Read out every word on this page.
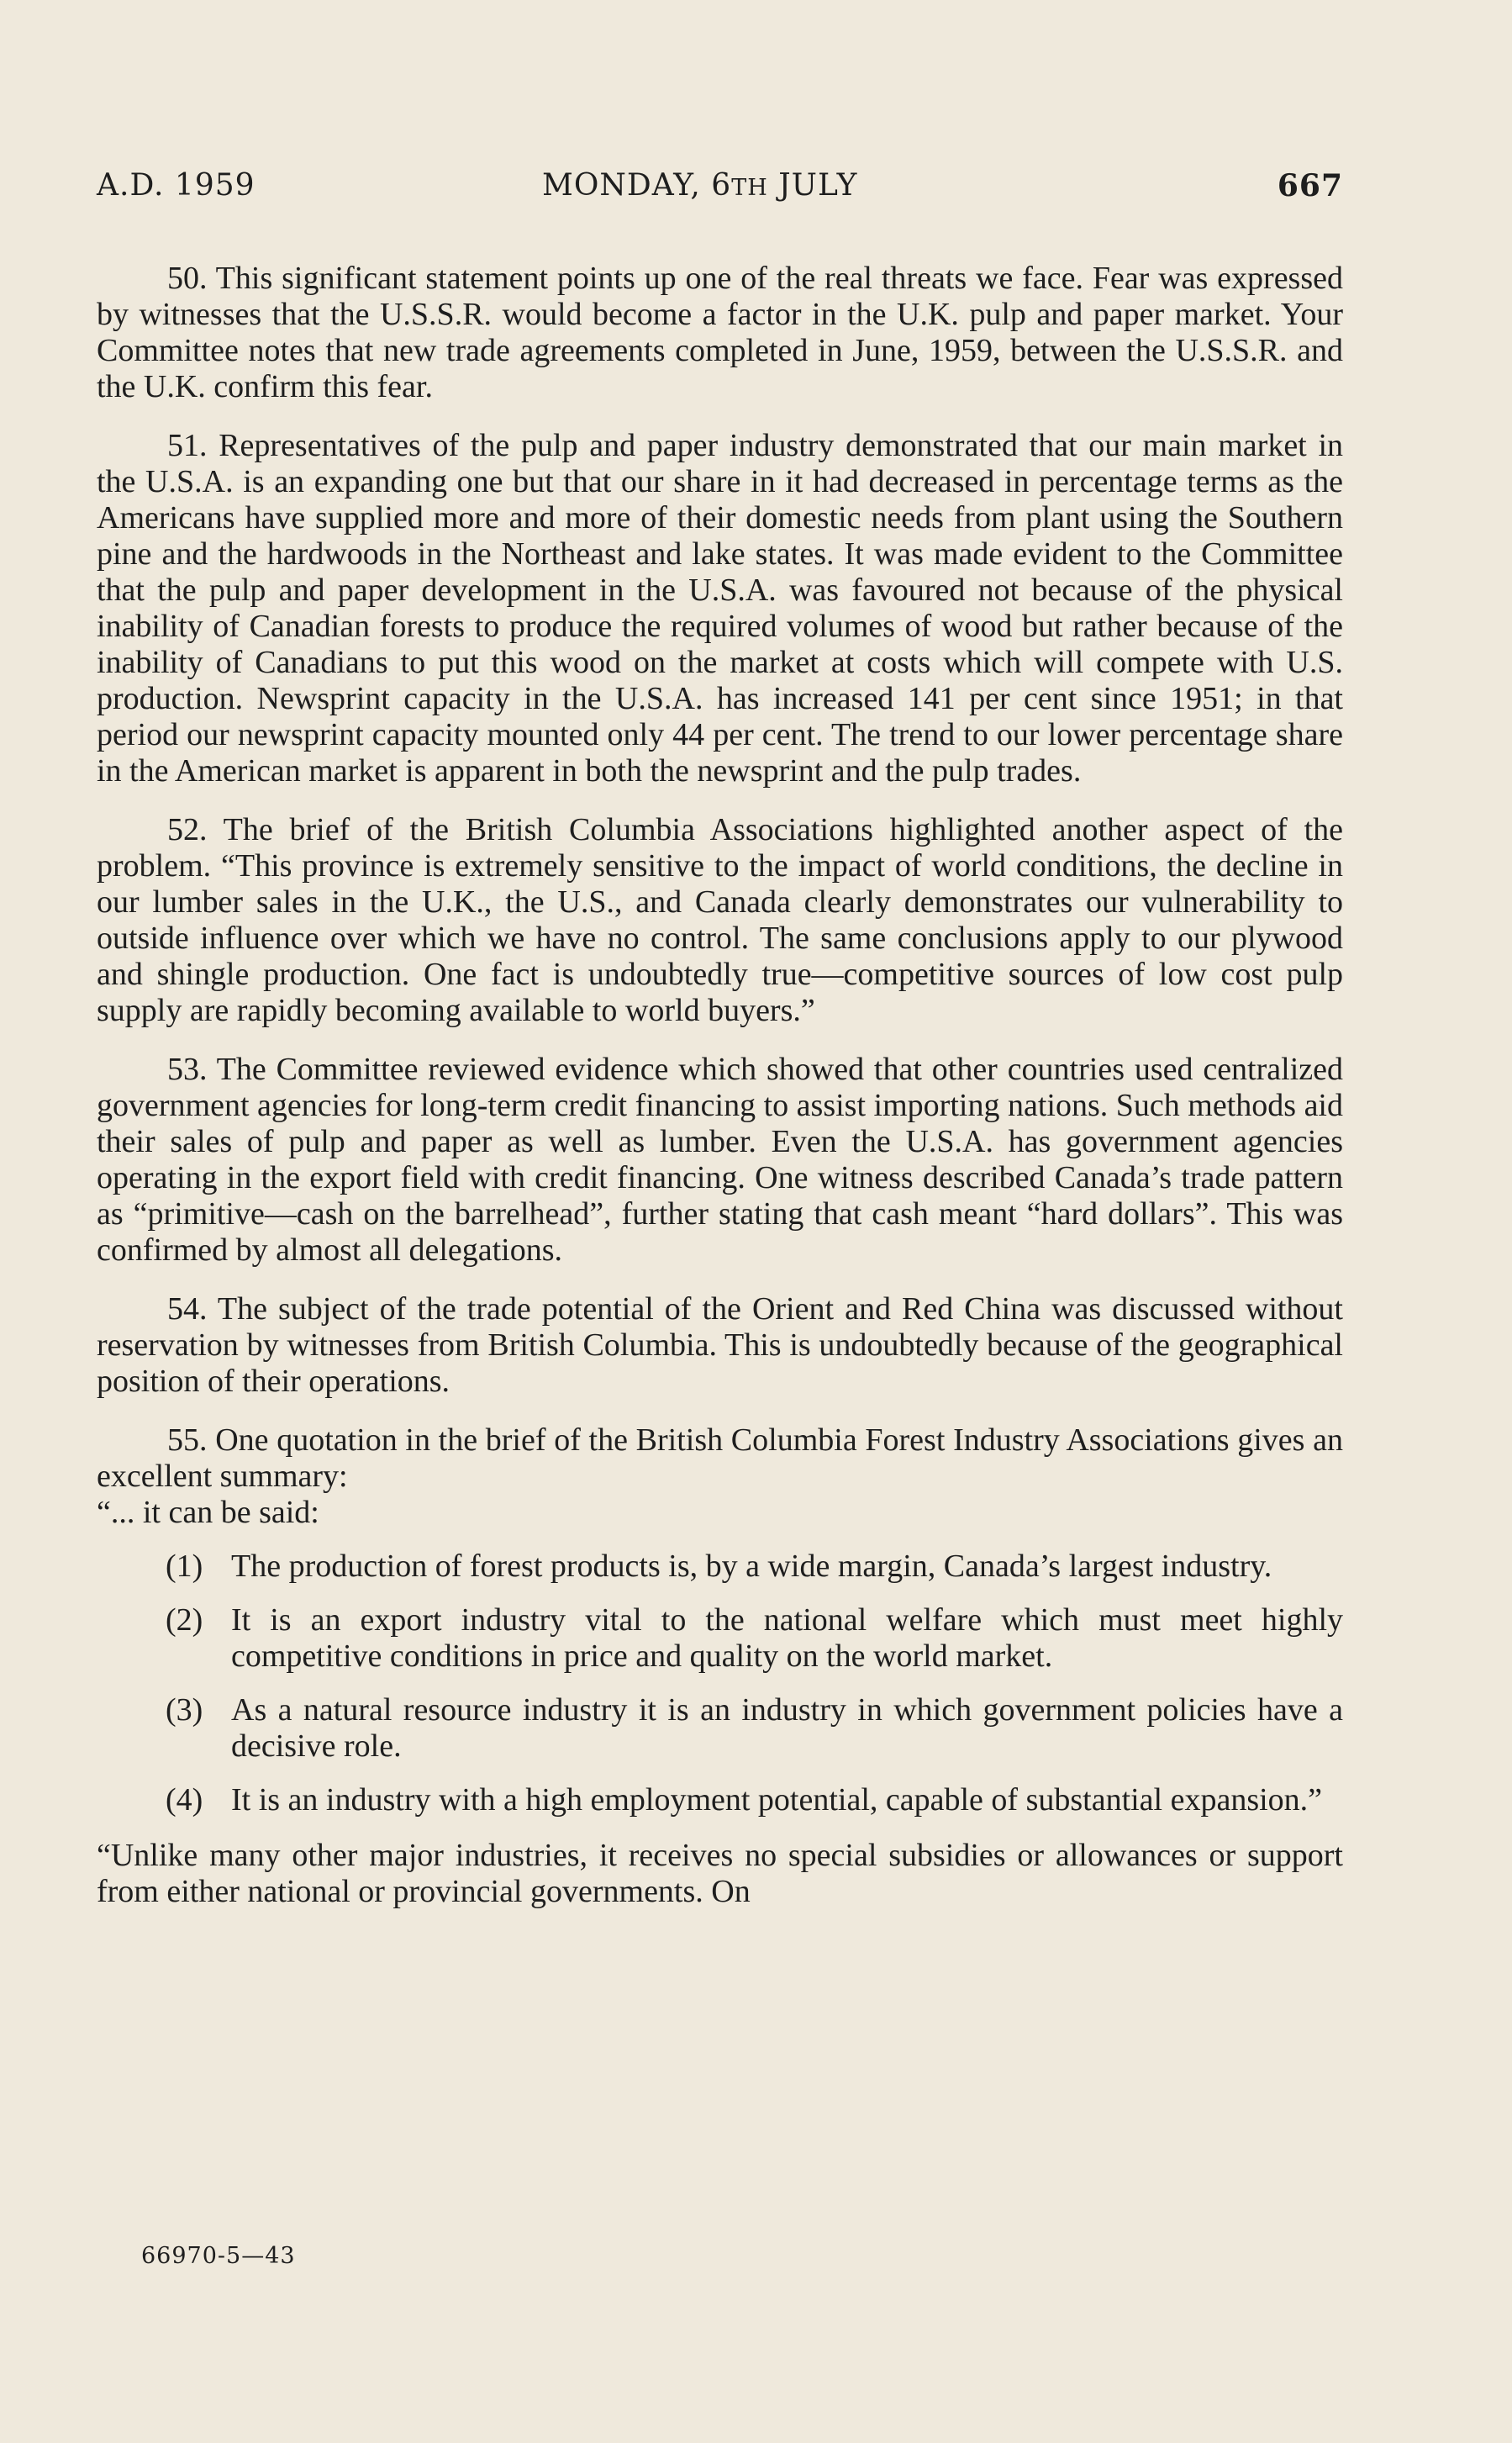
A.D. 1959	MONDAY, 6TH JULY	667

50. This significant statement points up one of the real threats we face. Fear was expressed by witnesses that the U.S.S.R. would become a factor in the U.K. pulp and paper market. Your Committee notes that new trade agreements completed in June, 1959, between the U.S.S.R. and the U.K. confirm this fear.

51. Representatives of the pulp and paper industry demonstrated that our main market in the U.S.A. is an expanding one but that our share in it had decreased in percentage terms as the Americans have supplied more and more of their domestic needs from plant using the Southern pine and the hardwoods in the Northeast and lake states. It was made evident to the Committee that the pulp and paper development in the U.S.A. was favoured not because of the physical inability of Canadian forests to produce the required volumes of wood but rather because of the inability of Canadians to put this wood on the market at costs which will compete with U.S. production. Newsprint capacity in the U.S.A. has increased 141 per cent since 1951; in that period our newsprint capacity mounted only 44 per cent. The trend to our lower percentage share in the American market is apparent in both the newsprint and the pulp trades.

52. The brief of the British Columbia Associations highlighted another aspect of the problem. “This province is extremely sensitive to the impact of world conditions, the decline in our lumber sales in the U.K., the U.S., and Canada clearly demonstrates our vulnerability to outside influence over which we have no control. The same conclusions apply to our plywood and shingle production. One fact is undoubtedly true—competitive sources of low cost pulp supply are rapidly becoming available to world buyers.”

53. The Committee reviewed evidence which showed that other countries used centralized government agencies for long-term credit financing to assist importing nations. Such methods aid their sales of pulp and paper as well as lumber. Even the U.S.A. has government agencies operating in the export field with credit financing. One witness described Canada’s trade pattern as “primitive—cash on the barrelhead”, further stating that cash meant “hard dollars”. This was confirmed by almost all delegations.

54. The subject of the trade potential of the Orient and Red China was discussed without reservation by witnesses from British Columbia. This is undoubtedly because of the geographical position of their operations.

55. One quotation in the brief of the British Columbia Forest Industry Associations gives an excellent summary:

“... it can be said:

(1) The production of forest products is, by a wide margin, Canada’s largest industry.
(2) It is an export industry vital to the national welfare which must meet highly competitive conditions in price and quality on the world market.
(3) As a natural resource industry it is an industry in which government policies have a decisive role.
(4) It is an industry with a high employment potential, capable of substantial expansion.”

“Unlike many other major industries, it receives no special subsidies or allowances or support from either national or provincial governments. On

66970-5—43
